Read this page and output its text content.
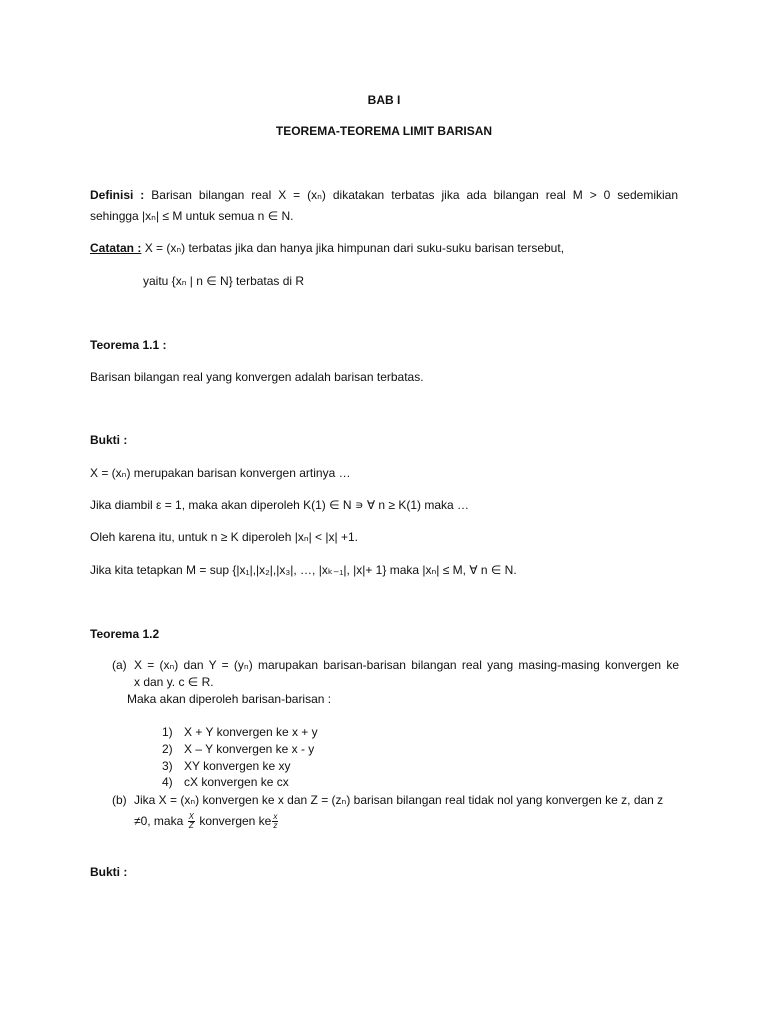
BAB I
TEOREMA-TEOREMA LIMIT BARISAN
Definisi : Barisan bilangan real X = (xₙ) dikatakan terbatas jika ada bilangan real M > 0 sedemikian
sehingga |xₙ| ≤ M untuk semua n ∈ N.
Catatan : X = (xₙ) terbatas jika dan hanya jika himpunan dari suku-suku barisan tersebut,
yaitu {xₙ | n ∈ N} terbatas di R
Teorema 1.1 :
Barisan bilangan real yang konvergen adalah barisan terbatas.
Bukti :
X = (xₙ) merupakan barisan konvergen artinya …
Jika diambil ε = 1, maka akan diperoleh K(1) ∈ N ∍ ∀ n ≥ K(1) maka …
Oleh karena itu, untuk n ≥ K diperoleh |xₙ| < |x| +1.
Jika kita tetapkan M = sup {|x₁|,|x₂|,|x₃|, …, |xₖ₋₁|, |x|+ 1} maka |xₙ| ≤ M, ∀ n ∈ N.
Teorema 1.2
(a) X = (xₙ) dan Y = (yₙ) marupakan barisan-barisan bilangan real yang masing-masing konvergen ke
x dan y. c ∈ R.
Maka akan diperoleh barisan-barisan :
1) X + Y konvergen ke x + y
2) X – Y konvergen ke x - y
3) XY konvergen ke xy
4) cX konvergen ke cx
(b) Jika X = (xₙ) konvergen ke x dan Z = (zₙ) barisan bilangan real tidak nol yang konvergen ke z, dan z
≠0, maka $\frac{X}{Z}$ konvergen ke $\frac{x}{z}$
Bukti :
